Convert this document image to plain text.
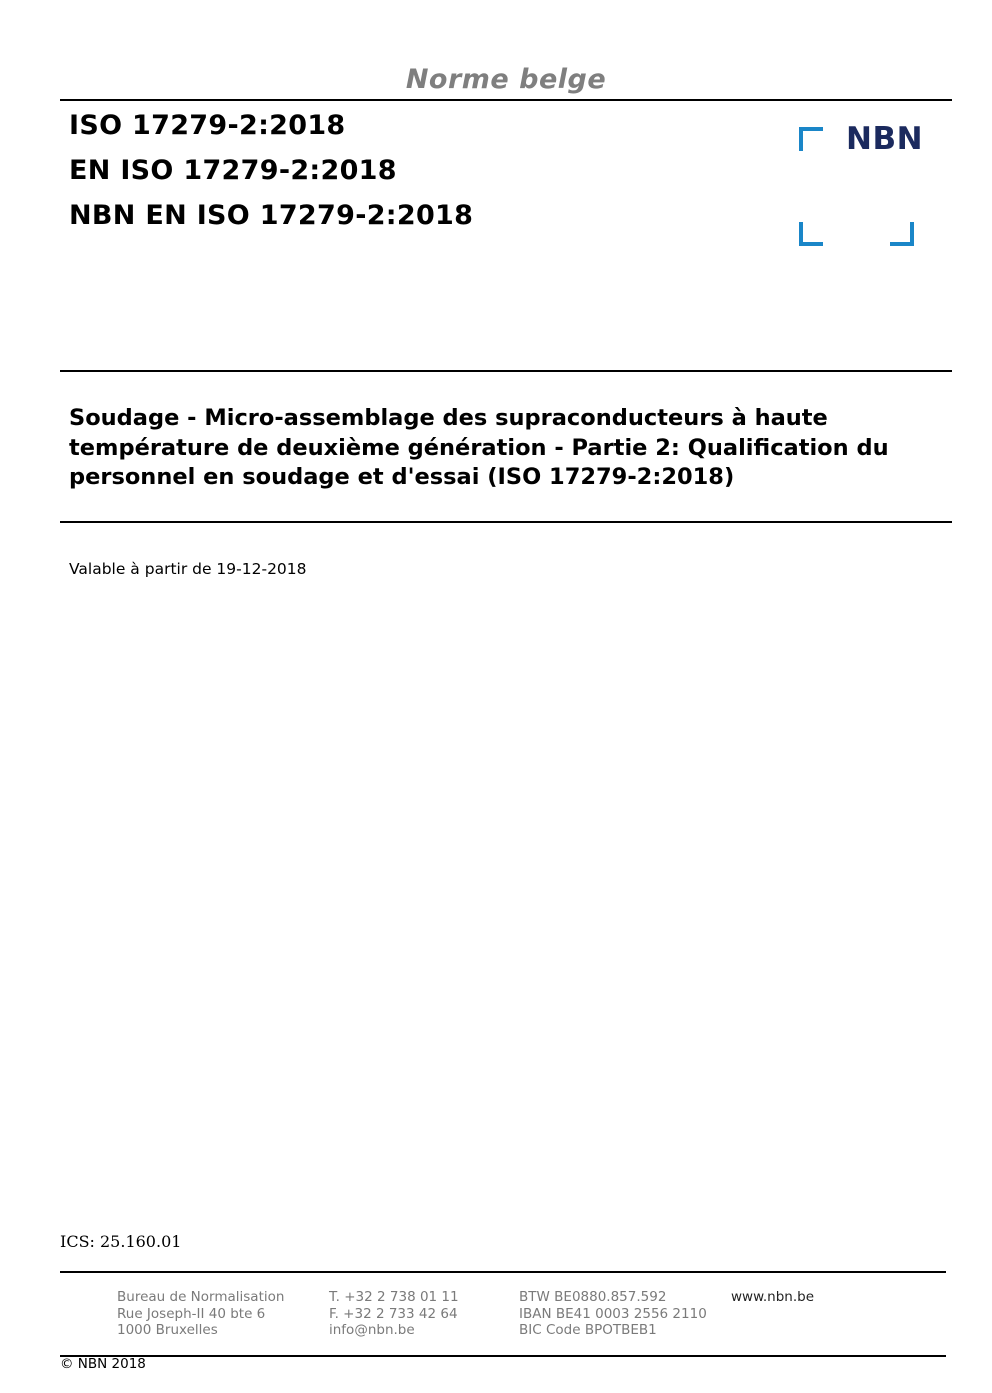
Norme belge
ISO 17279-2:2018
EN ISO 17279-2:2018
NBN EN ISO 17279-2:2018
NBN
Soudage - Micro-assemblage des supraconducteurs à haute température de deuxième génération - Partie 2: Qualification du personnel en soudage et d'essai (ISO 17279-2:2018)
Valable à partir de 19-12-2018
ICS: 25.160.01
Bureau de Normalisation
Rue Joseph-II 40 bte 6
1000 Bruxelles
T. +32 2 738 01 11
F. +32 2 733 42 64
info@nbn.be
BTW BE0880.857.592
IBAN BE41 0003 2556 2110
BIC Code BPOTBEB1
www.nbn.be
© NBN 2018
